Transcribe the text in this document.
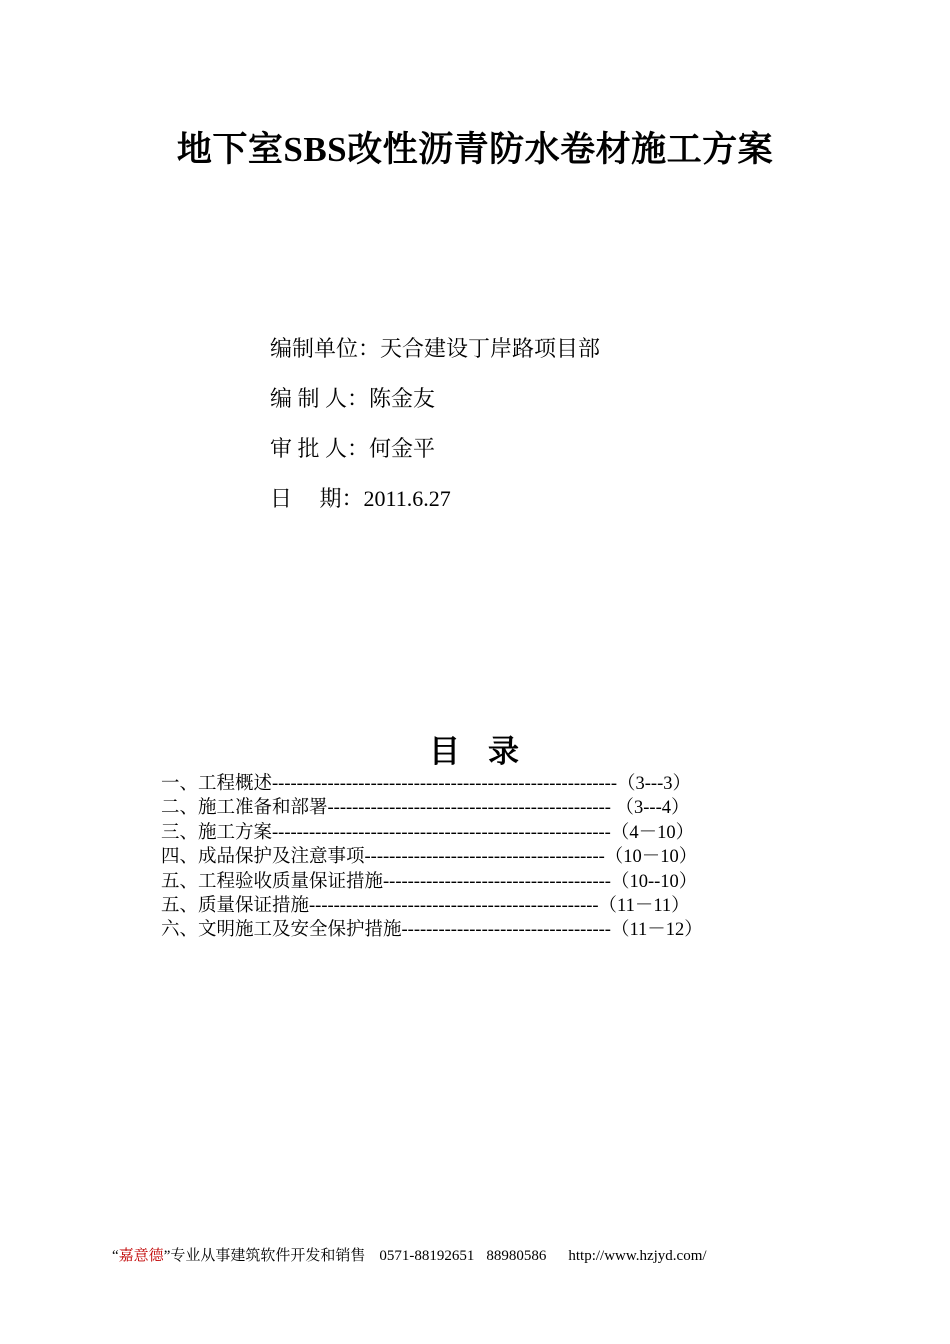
地下室SBS改性沥青防水卷材施工方案
编制单位：天合建设丁岸路项目部
编 制 人：陈金友
审 批 人：何金平
日　 期：2011.6.27
目 录
一、工程概述--------------------------------------------------------（3---3）
二、施工准备和部署---------------------------------------------- （3---4）
三、施工方案-------------------------------------------------------（4－10）
四、成品保护及注意事项---------------------------------------（10－10）
五、工程验收质量保证措施-------------------------------------（10--10）
五、质量保证措施-----------------------------------------------（11－11）
六、文明施工及安全保护措施----------------------------------（11－12）
“嘉意德”专业从事建筑软件开发和销售 0571-88192651 88980586 http://www.hzjyd.com/
